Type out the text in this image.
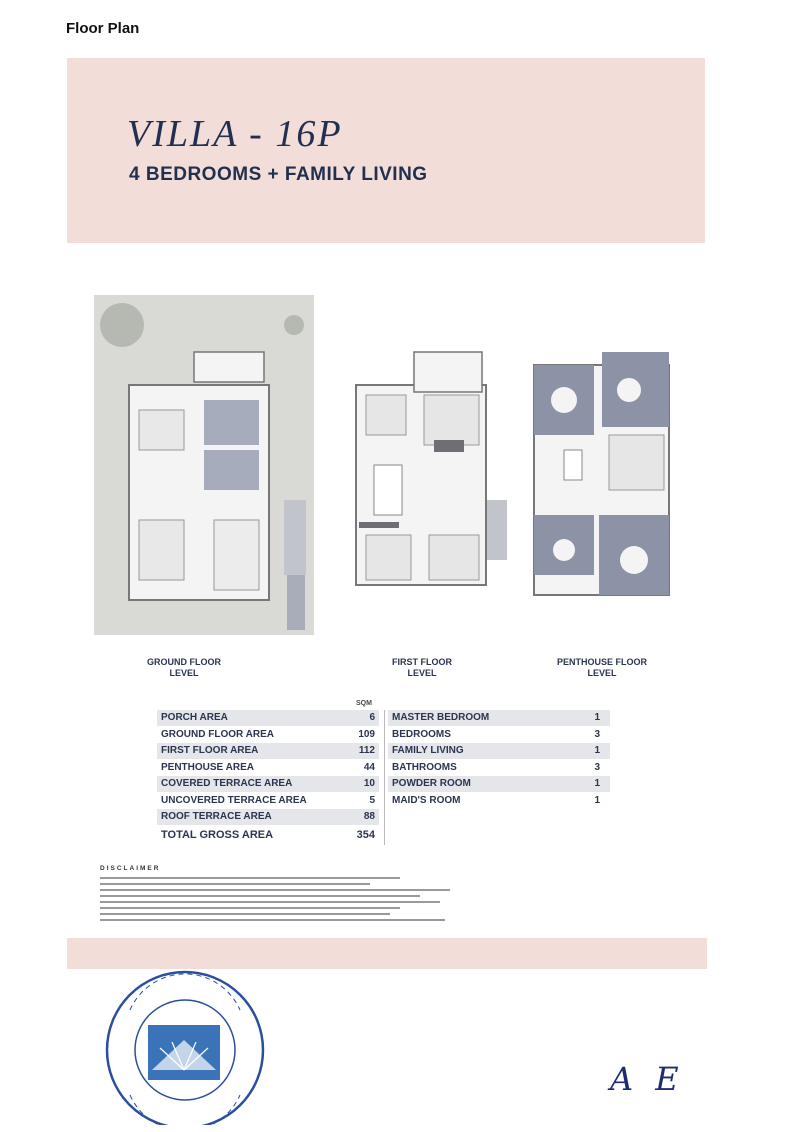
Floor Plan
VILLA - 16P
4 BEDROOMS + FAMILY LIVING
GROUND FLOOR
LEVEL
FIRST FLOOR
LEVEL
PENTHOUSE FLOOR
LEVEL
SQM
PORCH AREA	6
GROUND FLOOR AREA	109
FIRST FLOOR AREA	112
PENTHOUSE AREA	44
COVERED TERRACE AREA	10
UNCOVERED TERRACE AREA	5
ROOF TERRACE AREA	88
TOTAL GROSS AREA	354
MASTER BEDROOM	1
BEDROOMS	3
FAMILY LIVING	1
BATHROOMS	3
POWDER ROOM	1
MAID'S ROOM	1
DISCLAIMER
A E
